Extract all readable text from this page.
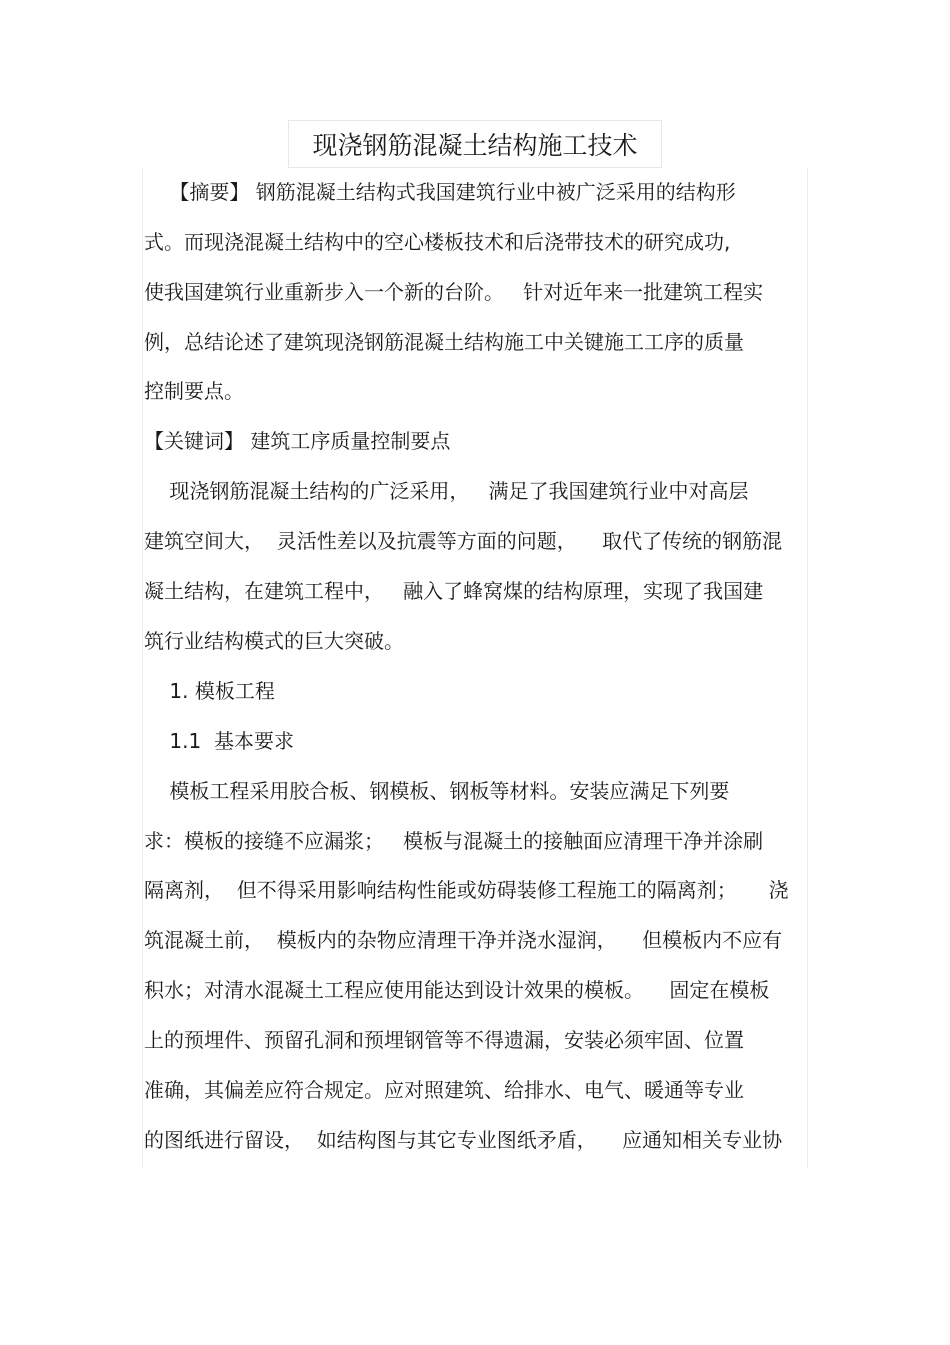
现浇钢筋混凝土结构施工技术
【摘要】 钢筋混凝土结构式我国建筑行业中被广泛采用的结构形
式。而现浇混凝土结构中的空心楼板技术和后浇带技术的研究成功,
使我国建筑行业重新步入一个新的台阶。   针对近年来一批建筑工程实
例，总结论述了建筑现浇钢筋混凝土结构施工中关键施工工序的质量
控制要点。
【关键词】 建筑工序质量控制要点
现浇钢筋混凝土结构的广泛采用，   满足了我国建筑行业中对高层
建筑空间大，  灵活性差以及抗震等方面的问题，    取代了传统的钢筋混
凝土结构，在建筑工程中，   融入了蜂窝煤的结构原理，实现了我国建
筑行业结构模式的巨大突破。
1. 模板工程
1.1  基本要求
模板工程采用胶合板、钢模板、钢板等材料。安装应满足下列要
求：模板的接缝不应漏浆；   模板与混凝土的接触面应清理干净并涂刷
隔离剂，  但不得采用影响结构性能或妨碍装修工程施工的隔离剂；     浇
筑混凝土前，  模板内的杂物应清理干净并浇水湿润，    但模板内不应有
积水；对清水混凝土工程应使用能达到设计效果的模板。    固定在模板
上的预埋件、预留孔洞和预埋钢管等不得遗漏，安装必须牢固、位置
准确，其偏差应符合规定。应对照建筑、给排水、电气、暖通等专业
的图纸进行留设，  如结构图与其它专业图纸矛盾，    应通知相关专业协
